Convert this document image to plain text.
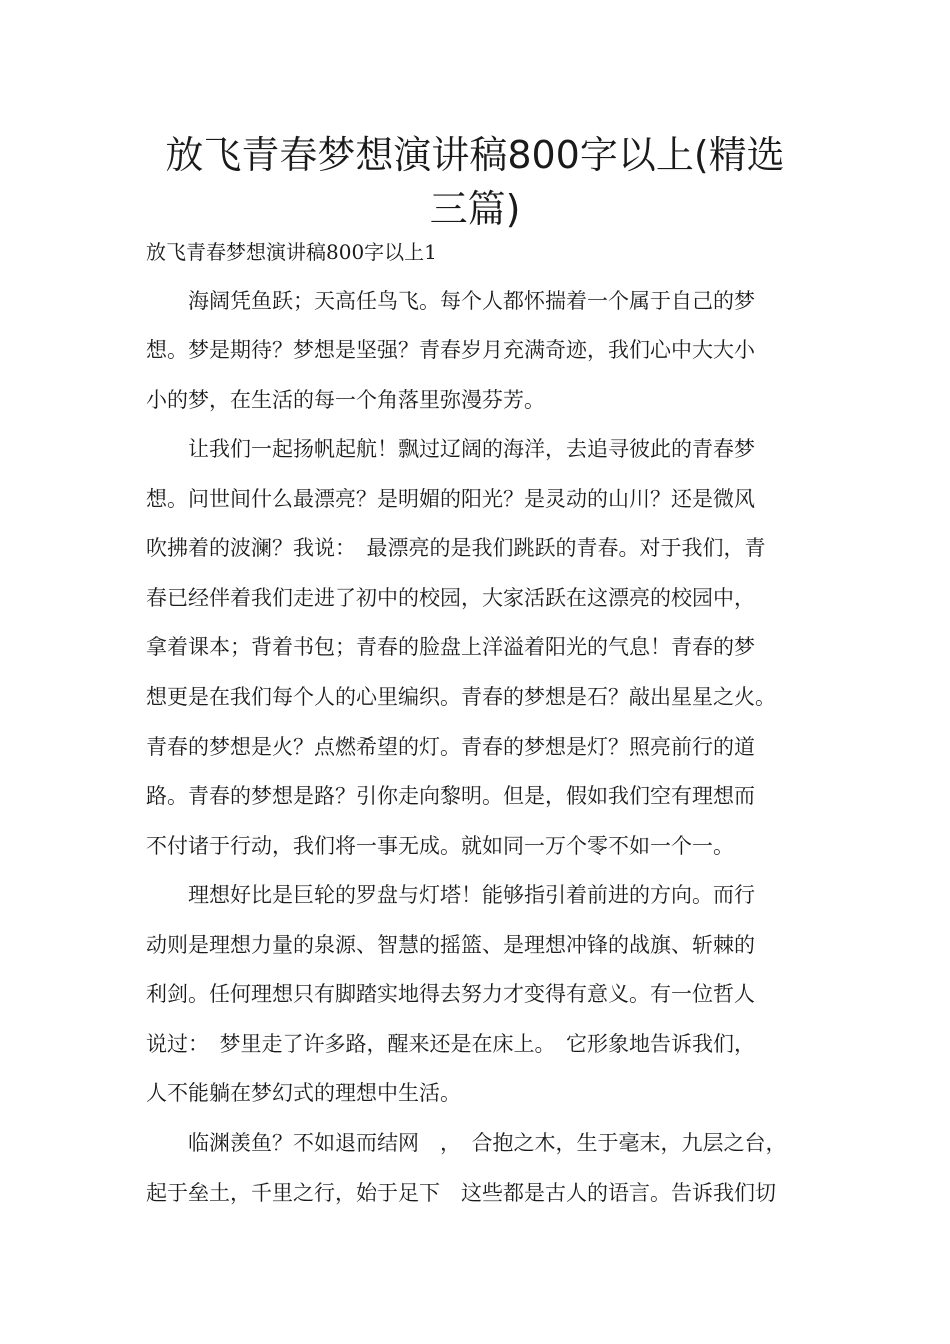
放飞青春梦想演讲稿800字以上(精选
三篇)

放飞青春梦想演讲稿800字以上1

　　海阔凭鱼跃；天高任鸟飞。每个人都怀揣着一个属于自己的梦

想。梦是期待？梦想是坚强？青春岁月充满奇迹，我们心中大大小

小的梦，在生活的每一个角落里弥漫芬芳。

　　让我们一起扬帆起航！飘过辽阔的海洋，去追寻彼此的青春梦

想。问世间什么最漂亮？是明媚的阳光？是灵动的山川？还是微风

吹拂着的波澜？我说：　最漂亮的是我们跳跃的青春。对于我们，青

春已经伴着我们走进了初中的校园，大家活跃在这漂亮的校园中，

拿着课本；背着书包；青春的脸盘上洋溢着阳光的气息！青春的梦

想更是在我们每个人的心里编织。青春的梦想是石？敲出星星之火。

青春的梦想是火？点燃希望的灯。青春的梦想是灯？照亮前行的道

路。青春的梦想是路？引你走向黎明。但是，假如我们空有理想而

不付诸于行动，我们将一事无成。就如同一万个零不如一个一。

　　理想好比是巨轮的罗盘与灯塔！能够指引着前进的方向。而行

动则是理想力量的泉源、智慧的摇篮、是理想冲锋的战旗、斩棘的

利剑。任何理想只有脚踏实地得去努力才变得有意义。有一位哲人

说过：　梦里走了许多路，醒来还是在床上。　它形象地告诉我们，

人不能躺在梦幻式的理想中生活。

　　临渊羡鱼？不如退而结网　，　合抱之木，生于毫末，九层之台，

起于垒土，千里之行，始于足下　这些都是古人的语言。告诉我们切
